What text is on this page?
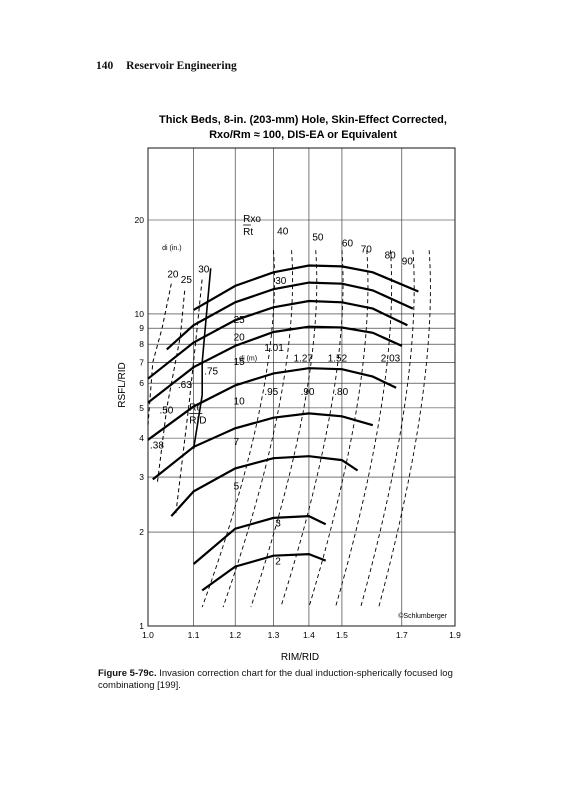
140 Reservoir Engineering
Thick Beds, 8-in. (203-mm) Hole, Skin-Effect Corrected,
Rxo/Rm ≈ 100, DIS-EA or Equivalent
1.0	1.1	1.2	1.3	1.4 1.5	1.7	1.9
1
2
3
4
5
6
7
8
9
10
20
2
3
5
7
10
15
20
25
30
20
25
30
40
50
60
70
80
90
.38
.50
.63
.75
1.01
1.27 1.52	2.03
.95 .90 .80
Rxo
Rt
di (in.)
di (m)
Rt
RID
©Schlumberger
RIM/RID
RSFL/RID
Figure 5-79c. Invasion correction chart for the dual induction-spherically focused log combinationg [199].
